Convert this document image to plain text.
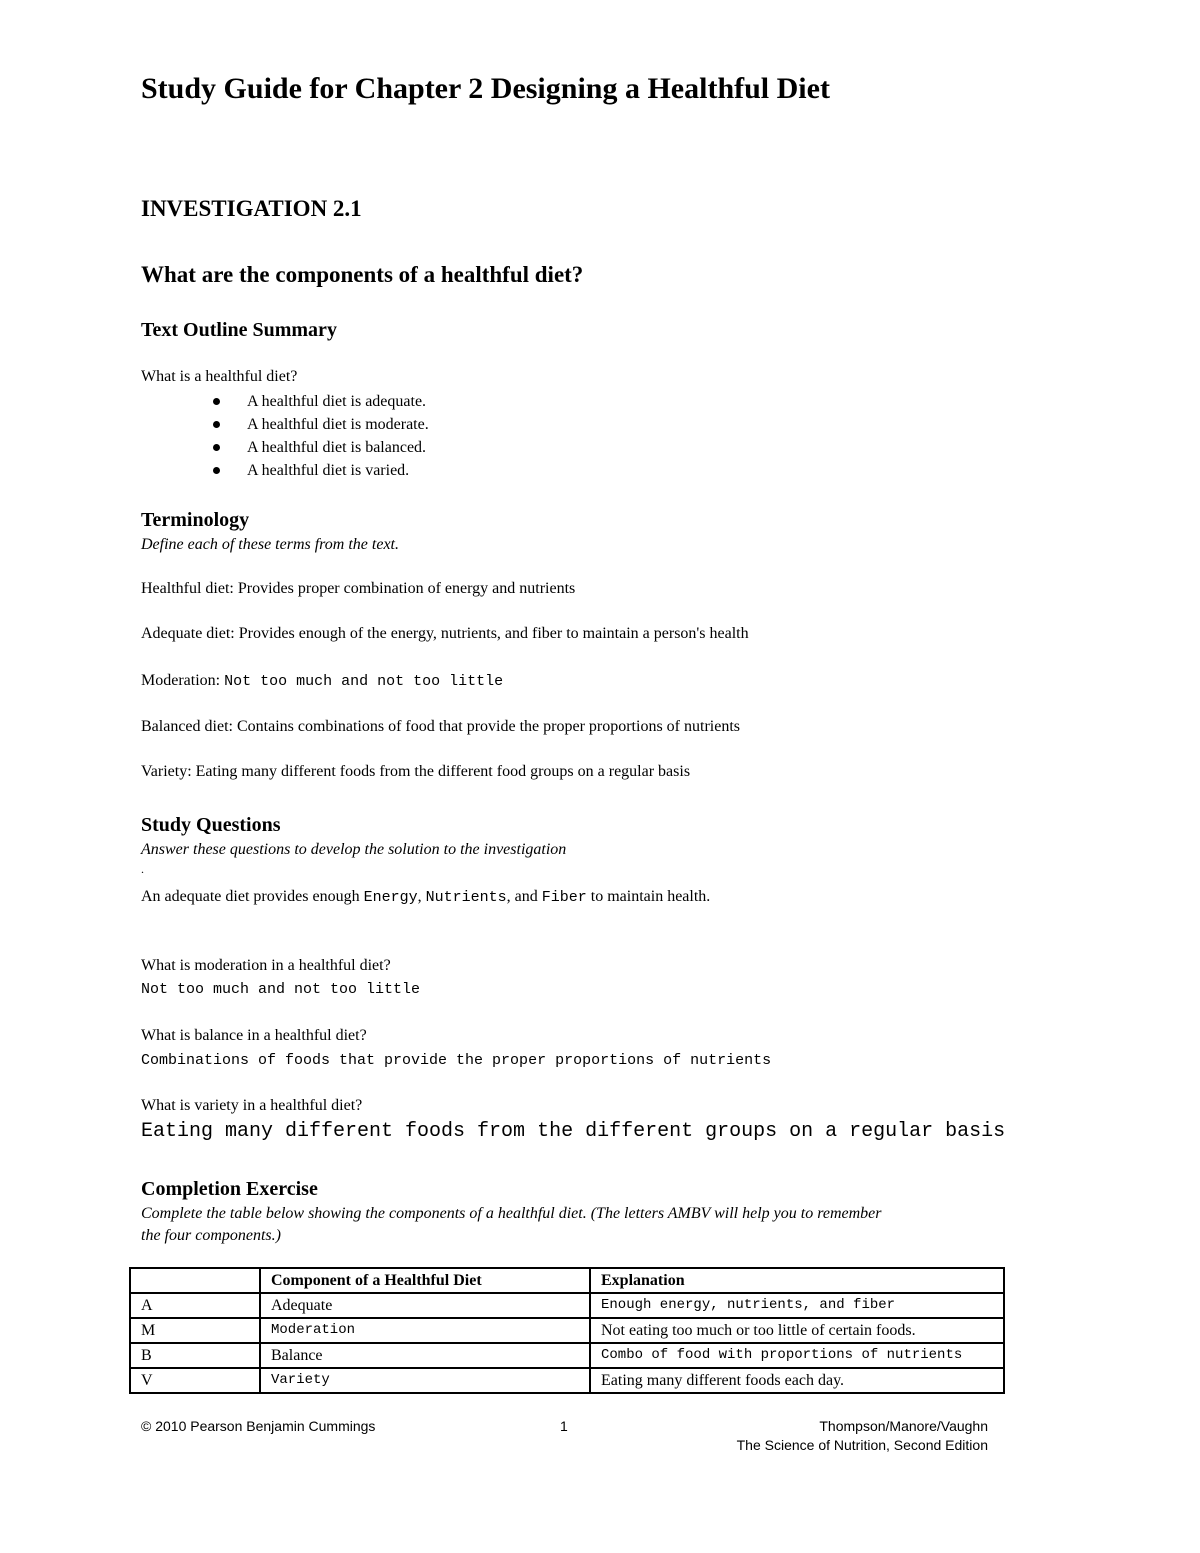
Study Guide for Chapter 2 Designing a Healthful Diet
INVESTIGATION 2.1
What are the components of a healthful diet?
Text Outline Summary
What is a healthful diet?
A healthful diet is adequate.
A healthful diet is moderate.
A healthful diet is balanced.
A healthful diet is varied.
Terminology
Define each of these terms from the text.
Healthful diet: Provides proper combination of energy and nutrients
Adequate diet: Provides enough of the energy, nutrients, and fiber to maintain a person's health
Moderation: Not too much and not too little
Balanced diet: Contains combinations of food that provide the proper proportions of nutrients
Variety: Eating many different foods from the different food groups on a regular basis
Study Questions
Answer these questions to develop the solution to the investigation
.
An adequate diet provides enough Energy, Nutrients, and Fiber to maintain health.
What is moderation in a healthful diet?
Not too much and not too little
What is balance in a healthful diet?
Combinations of foods that provide the proper proportions of nutrients
What is variety in a healthful diet?
Eating many different foods from the different groups on a regular basis
Completion Exercise
Complete the table below showing the components of a healthful diet. (The letters AMBV will help you to remember
the four components.)
	Component of a Healthful Diet	Explanation
A	Adequate	Enough energy, nutrients, and fiber
M	Moderation	Not eating too much or too little of certain foods.
B	Balance	Combo of food with proportions of nutrients
V	Variety	Eating many different foods each day.
© 2010 Pearson Benjamin Cummings	1	Thompson/Manore/Vaughn
The Science of Nutrition, Second Edition
